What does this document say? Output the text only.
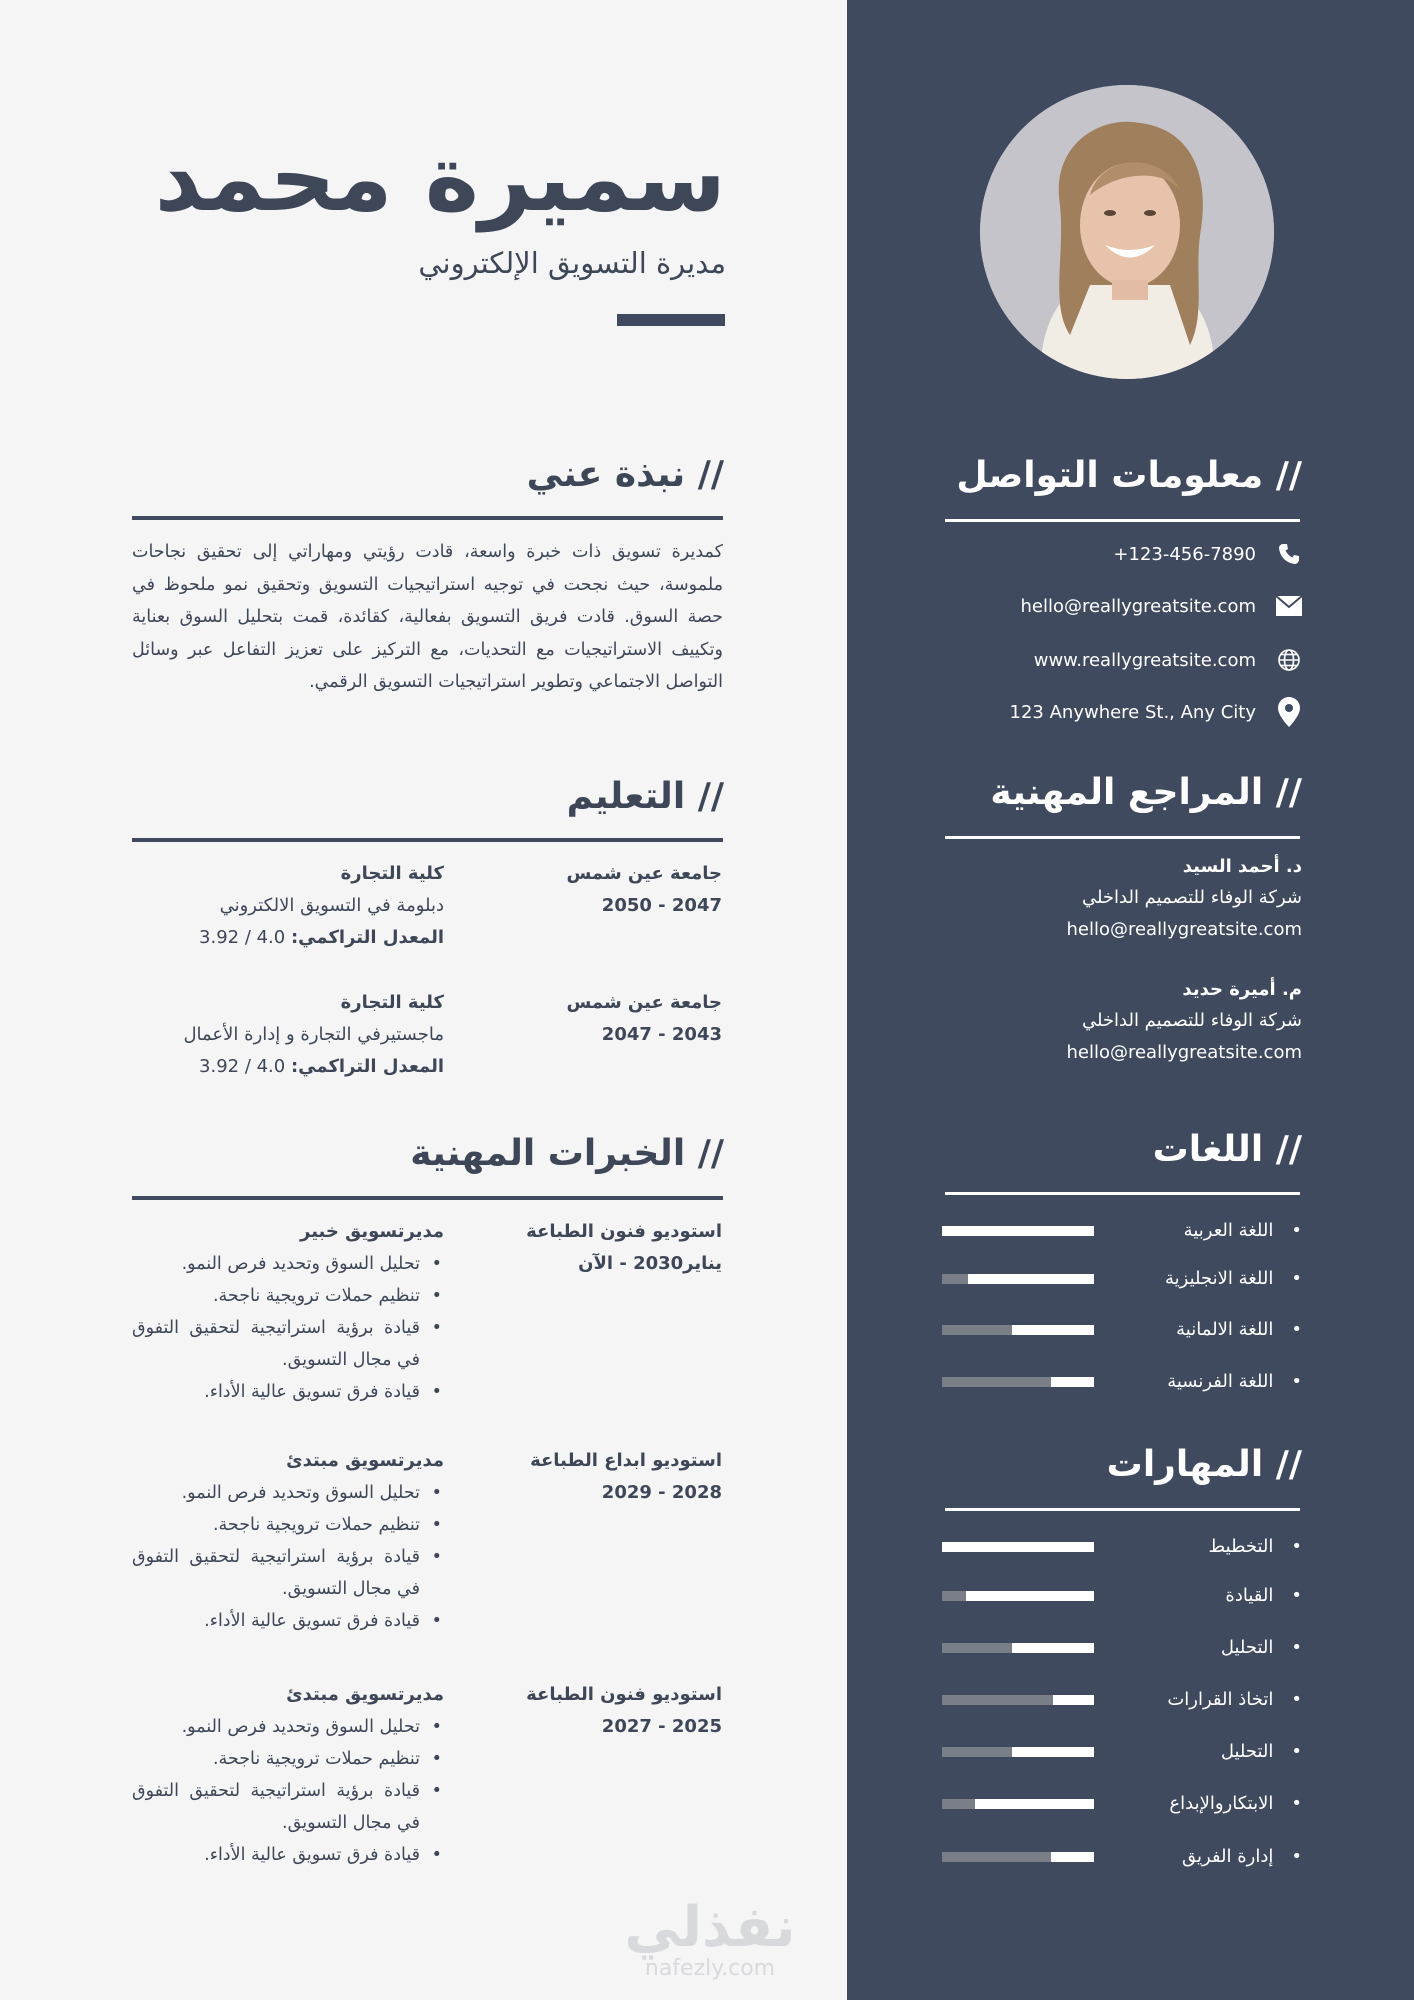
// معلومات التواصل
+123-456-7890
hello@reallygreatsite.com
www.reallygreatsite.com
123 Anywhere St., Any City
// المراجع المهنية
د. أحمد السيد
شركة الوفاء للتصميم الداخلي
hello@reallygreatsite.com
م. أميرة حديد
شركة الوفاء للتصميم الداخلي
hello@reallygreatsite.com
// اللغات
• اللغة العربية
• اللغة الانجليزية
• اللغة الالمانية
• اللغة الفرنسية
// المهارات
• التخطيط
• القيادة
• التحليل
• اتخاذ القرارات
• التحليل
• الابتكاروالإبداع
• إدارة الفريق
سميرة محمد
مديرة التسويق الإلكتروني
// نبذة عني
كمديرة تسويق ذات خبرة واسعة، قادت رؤيتي ومهاراتي إلى تحقيق نجاحات ملموسة، حيث نجحت في توجيه استراتيجيات التسويق وتحقيق نمو ملحوظ في حصة السوق. قادت فريق التسويق بفعالية، كقائدة، قمت بتحليل السوق بعناية وتكييف الاستراتيجيات مع التحديات، مع التركيز على تعزيز التفاعل عبر وسائل التواصل الاجتماعي وتطوير استراتيجيات التسويق الرقمي.
// التعليم
جامعة عين شمس
2050 - 2047
كلية التجارة
دبلومة في التسويق الالكتروني
المعدل التراكمي: 3.92 / 4.0
جامعة عين شمس
2047 - 2043
كلية التجارة
ماجستيرفي التجارة و إدارة الأعمال
المعدل التراكمي: 3.92 / 4.0
// الخبرات المهنية
استوديو فنون الطباعة
يناير2030 - الآن
مديرتسويق خبير
• تحليل السوق وتحديد فرص النمو.
• تنظيم حملات ترويجية ناجحة.
• قيادة برؤية استراتيجية لتحقيق التفوق في مجال التسويق.
• قيادة فرق تسويق عالية الأداء.
استوديو ابداع الطباعة
2029 - 2028
مديرتسويق مبتدئ
• تحليل السوق وتحديد فرص النمو.
• تنظيم حملات ترويجية ناجحة.
• قيادة برؤية استراتيجية لتحقيق التفوق في مجال التسويق.
• قيادة فرق تسويق عالية الأداء.
استوديو فنون الطباعة
2027 - 2025
مديرتسويق مبتدئ
• تحليل السوق وتحديد فرص النمو.
• تنظيم حملات ترويجية ناجحة.
• قيادة برؤية استراتيجية لتحقيق التفوق في مجال التسويق.
• قيادة فرق تسويق عالية الأداء.
نفذلي
nafezly.com
